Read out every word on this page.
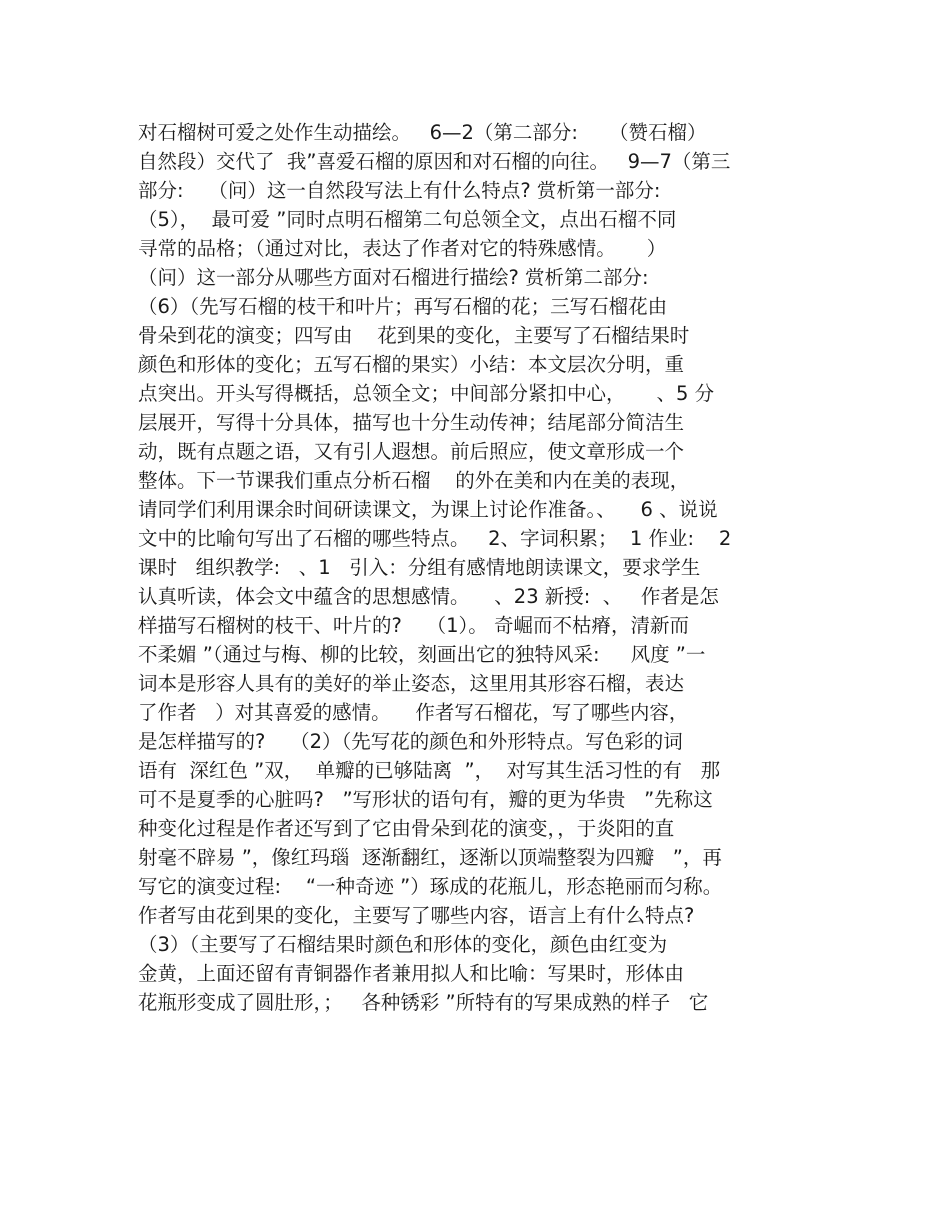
对石榴树可爱之处作生动描绘。   6—2（第二部分:     （赞石榴）
自然段）交代了  我”喜爱石榴的原因和对石榴的向往。   9—7（第三
部分:    （问）这一自然段写法上有什么特点? 赏析第一部分:
（5），  最可爱 ”同时点明石榴第二句总领全文，点出石榴不同
寻常的品格；（通过对比，表达了作者对它的特殊感情。     ）
（问）这一部分从哪些方面对石榴进行描绘? 赏析第二部分:
（6）（先写石榴的枝干和叶片；再写石榴的花；三写石榴花由
骨朵到花的演变；四写由    花到果的变化，主要写了石榴结果时
颜色和形体的变化；五写石榴的果实）小结：本文层次分明，重
点突出。开头写得概括，总领全文；中间部分紧扣中心，     、5 分
层展开，写得十分具体，描写也十分生动传神；结尾部分简洁生
动，既有点题之语，又有引人遐想。前后照应，使文章形成一个
整体。下一节课我们重点分析石榴    的外在美和内在美的表现，
请同学们利用课余时间研读课文，为课上讨论作准备。、    6 、说说
文中的比喻句写出了石榴的哪些特点。   2、字词积累；  1 作业:    2
课时   组织教学:   、1   引入：分组有感情地朗读课文，要求学生
认真听读，体会文中蕴含的思想感情。    、23 新授:  、   作者是怎
样描写石榴树的枝干、叶片的?    （1）。 奇崛而不枯瘠，清新而
不柔媚 ”（通过与梅、柳的比较，刻画出它的独特风采:     风度 ”一
词本是形容人具有的美好的举止姿态，这里用其形容石榴，表达
了作者   ）对其喜爱的感情。    作者写石榴花，写了哪些内容，
是怎样描写的?    （2）（先写花的颜色和外形特点。写色彩的词
语有  深红色 ”双，  单瓣的已够陆离  ”，  对写其生活习性的有   那
可不是夏季的心脏吗?   ”写形状的语句有，瓣的更为华贵   ”先称这
种变化过程是作者还写到了它由骨朵到花的演变，，于炎阳的直
射毫不辟易 ”，像红玛瑙  逐渐翻红，逐渐以顶端整裂为四瓣   ”，再
写它的演变过程:    “一种奇迹 ”）琢成的花瓶儿，形态艳丽而匀称。
作者写由花到果的变化，主要写了哪些内容，语言上有什么特点?
（3）（主要写了石榴结果时颜色和形体的变化，颜色由红变为
金黄，上面还留有青铜器作者兼用拟人和比喻：写果时，形体由
花瓶形变成了圆肚形，；   各种锈彩 ”所特有的写果成熟的样子   它
